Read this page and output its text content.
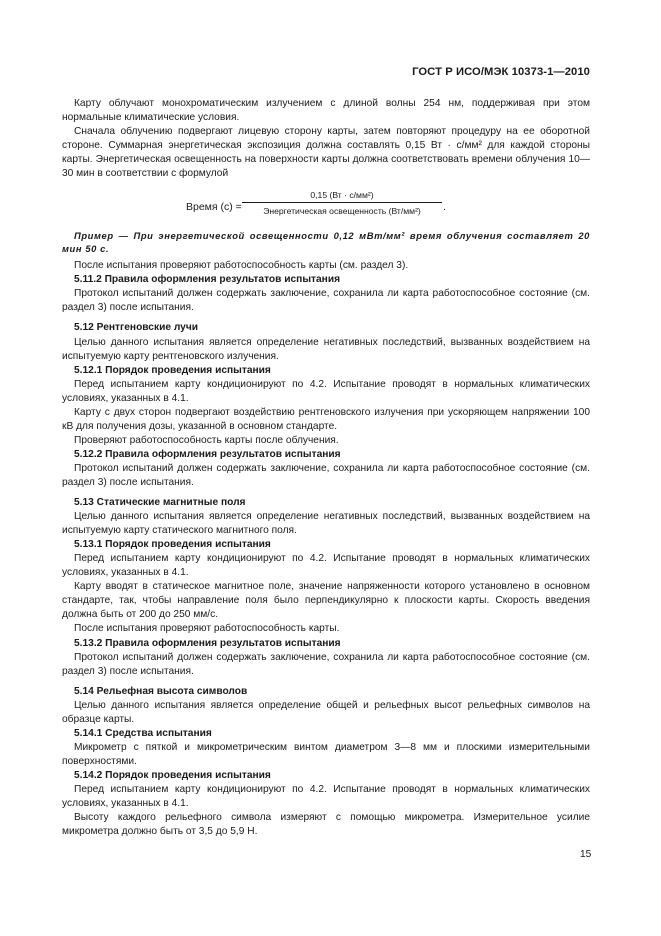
ГОСТ Р ИСО/МЭК 10373-1—2010

Карту облучают монохроматическим излучением с длиной волны 254 нм, поддерживая при этом нормальные климатические условия.

Сначала облучению подвергают лицевую сторону карты, затем повторяют процедуру на ее оборотной стороне. Суммарная энергетическая экспозиция должна составлять 0,15 Вт · с/мм² для каждой стороны карты. Энергетическая освещенность на поверхности карты должна соответствовать времени облучения 10—30 мин в соответствии с формулой

Время (с) =
0,15 (Вт · с/мм²)
Энергетическая освещенность (Вт/мм²)	.

Пример — При энергетической освещенности 0,12 мВт/мм² время облучения составляет 20 мин 50 с.

После испытания проверяют работоспособность карты (см. раздел 3).

5.11.2 Правила оформления результатов испытания

Протокол испытаний должен содержать заключение, сохранила ли карта работоспособное состояние (см. раздел 3) после испытания.

5.12 Рентгеновские лучи

Целью данного испытания является определение негативных последствий, вызванных воздействием на испытуемую карту рентгеновского излучения.

5.12.1 Порядок проведения испытания

Перед испытанием карту кондиционируют по 4.2. Испытание проводят в нормальных климатических условиях, указанных в 4.1.

Карту с двух сторон подвергают воздействию рентгеновского излучения при ускоряющем напряжении 100 кВ для получения дозы, указанной в основном стандарте.

Проверяют работоспособность карты после облучения.

5.12.2 Правила оформления результатов испытания

Протокол испытаний должен содержать заключение, сохранила ли карта работоспособное состояние (см. раздел 3) после испытания.

5.13 Статические магнитные поля

Целью данного испытания является определение негативных последствий, вызванных воздействием на испытуемую карту статического магнитного поля.

5.13.1 Порядок проведения испытания

Перед испытанием карту кондиционируют по 4.2. Испытание проводят в нормальных климатических условиях, указанных в 4.1.

Карту вводят в статическое магнитное поле, значение напряженности которого установлено в основном стандарте, так, чтобы направление поля было перпендикулярно к плоскости карты. Скорость введения должна быть от 200 до 250 мм/с.

После испытания проверяют работоспособность карты.

5.13.2 Правила оформления результатов испытания

Протокол испытаний должен содержать заключение, сохранила ли карта работоспособное состояние (см. раздел 3) после испытания.

5.14 Рельефная высота символов

Целью данного испытания является определение общей и рельефных высот рельефных символов на образце карты.

5.14.1 Средства испытания

Микрометр с пяткой и микрометрическим винтом диаметром 3—8 мм и плоскими измерительными поверхностями.

5.14.2 Порядок проведения испытания

Перед испытанием карту кондиционируют по 4.2. Испытание проводят в нормальных климатических условиях, указанных в 4.1.

Высоту каждого рельефного символа измеряют с помощью микрометра. Измерительное усилие микрометра должно быть от 3,5 до 5,9 Н.

15
